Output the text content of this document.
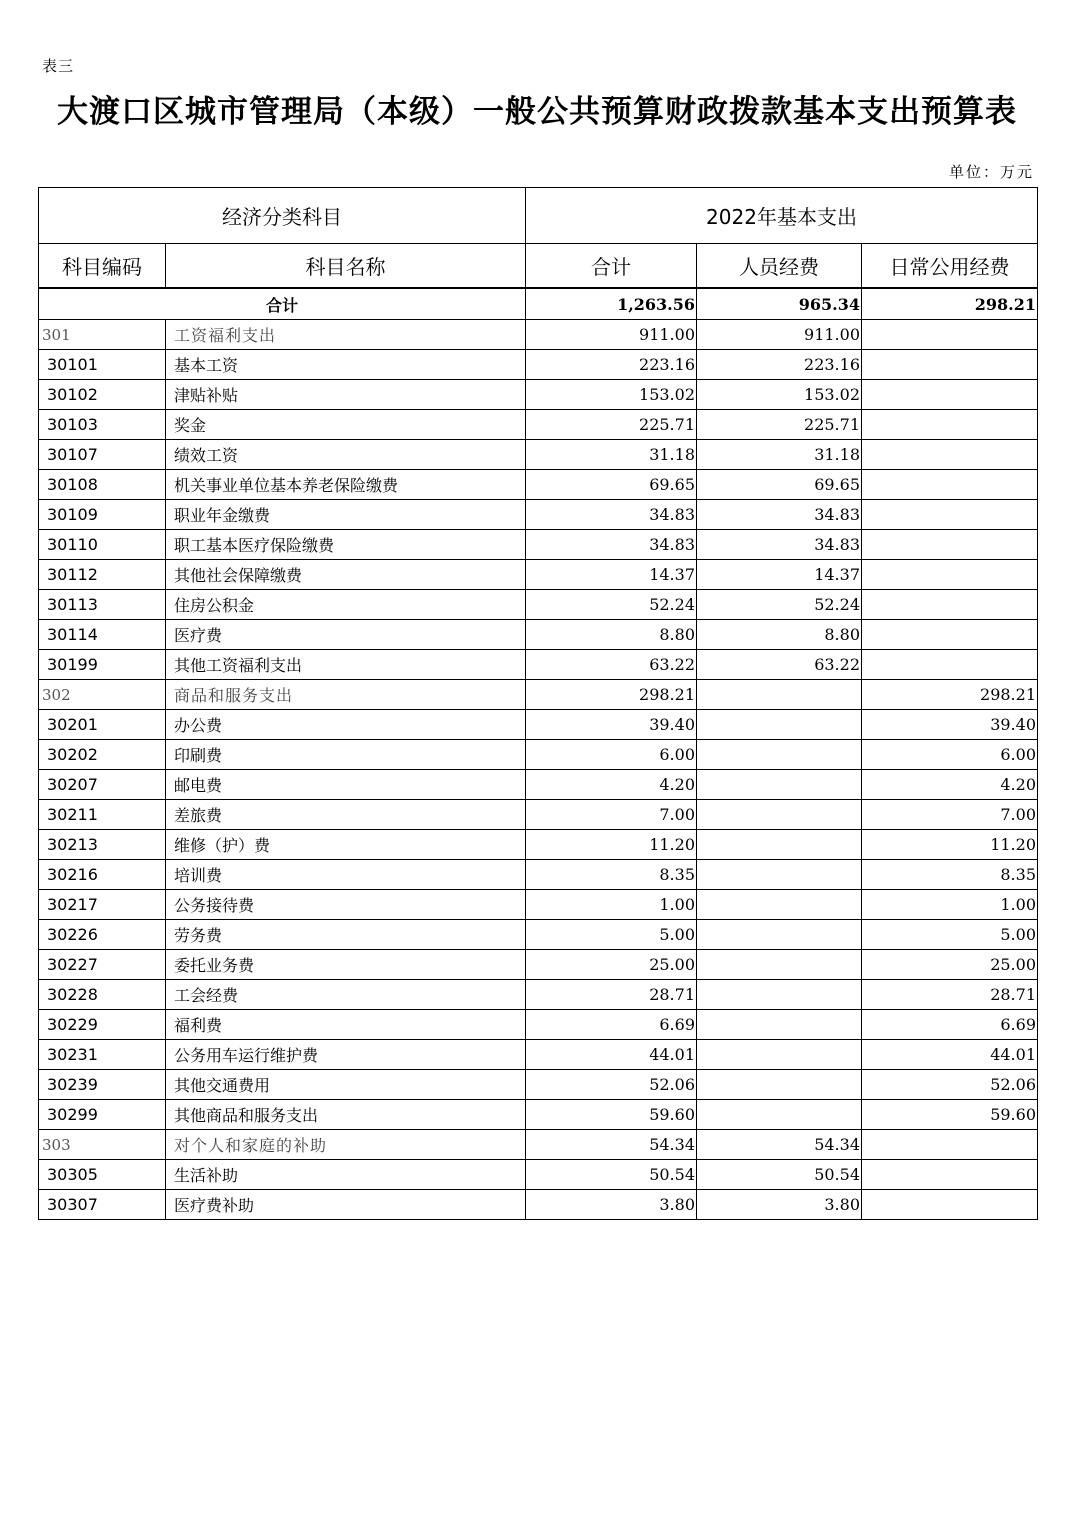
表三
大渡口区城市管理局（本级）一般公共预算财政拨款基本支出预算表
单位：万元
经济分类科目		2022年基本支出		
科目编码	科目名称	合计	人员经费	日常公用经费
合计		1,263.56	965.34	298.21
301	工资福利支出	911.00	911.00	
30101	基本工资	223.16	223.16	
30102	津贴补贴	153.02	153.02	
30103	奖金	225.71	225.71	
30107	绩效工资	31.18	31.18	
30108	机关事业单位基本养老保险缴费	69.65	69.65	
30109	职业年金缴费	34.83	34.83	
30110	职工基本医疗保险缴费	34.83	34.83	
30112	其他社会保障缴费	14.37	14.37	
30113	住房公积金	52.24	52.24	
30114	医疗费	8.80	8.80	
30199	其他工资福利支出	63.22	63.22	
302	商品和服务支出	298.21		298.21
30201	办公费	39.40		39.40
30202	印刷费	6.00		6.00
30207	邮电费	4.20		4.20
30211	差旅费	7.00		7.00
30213	维修（护）费	11.20		11.20
30216	培训费	8.35		8.35
30217	公务接待费	1.00		1.00
30226	劳务费	5.00		5.00
30227	委托业务费	25.00		25.00
30228	工会经费	28.71		28.71
30229	福利费	6.69		6.69
30231	公务用车运行维护费	44.01		44.01
30239	其他交通费用	52.06		52.06
30299	其他商品和服务支出	59.60		59.60
303	对个人和家庭的补助	54.34	54.34	
30305	生活补助	50.54	50.54	
30307	医疗费补助	3.80	3.80	
